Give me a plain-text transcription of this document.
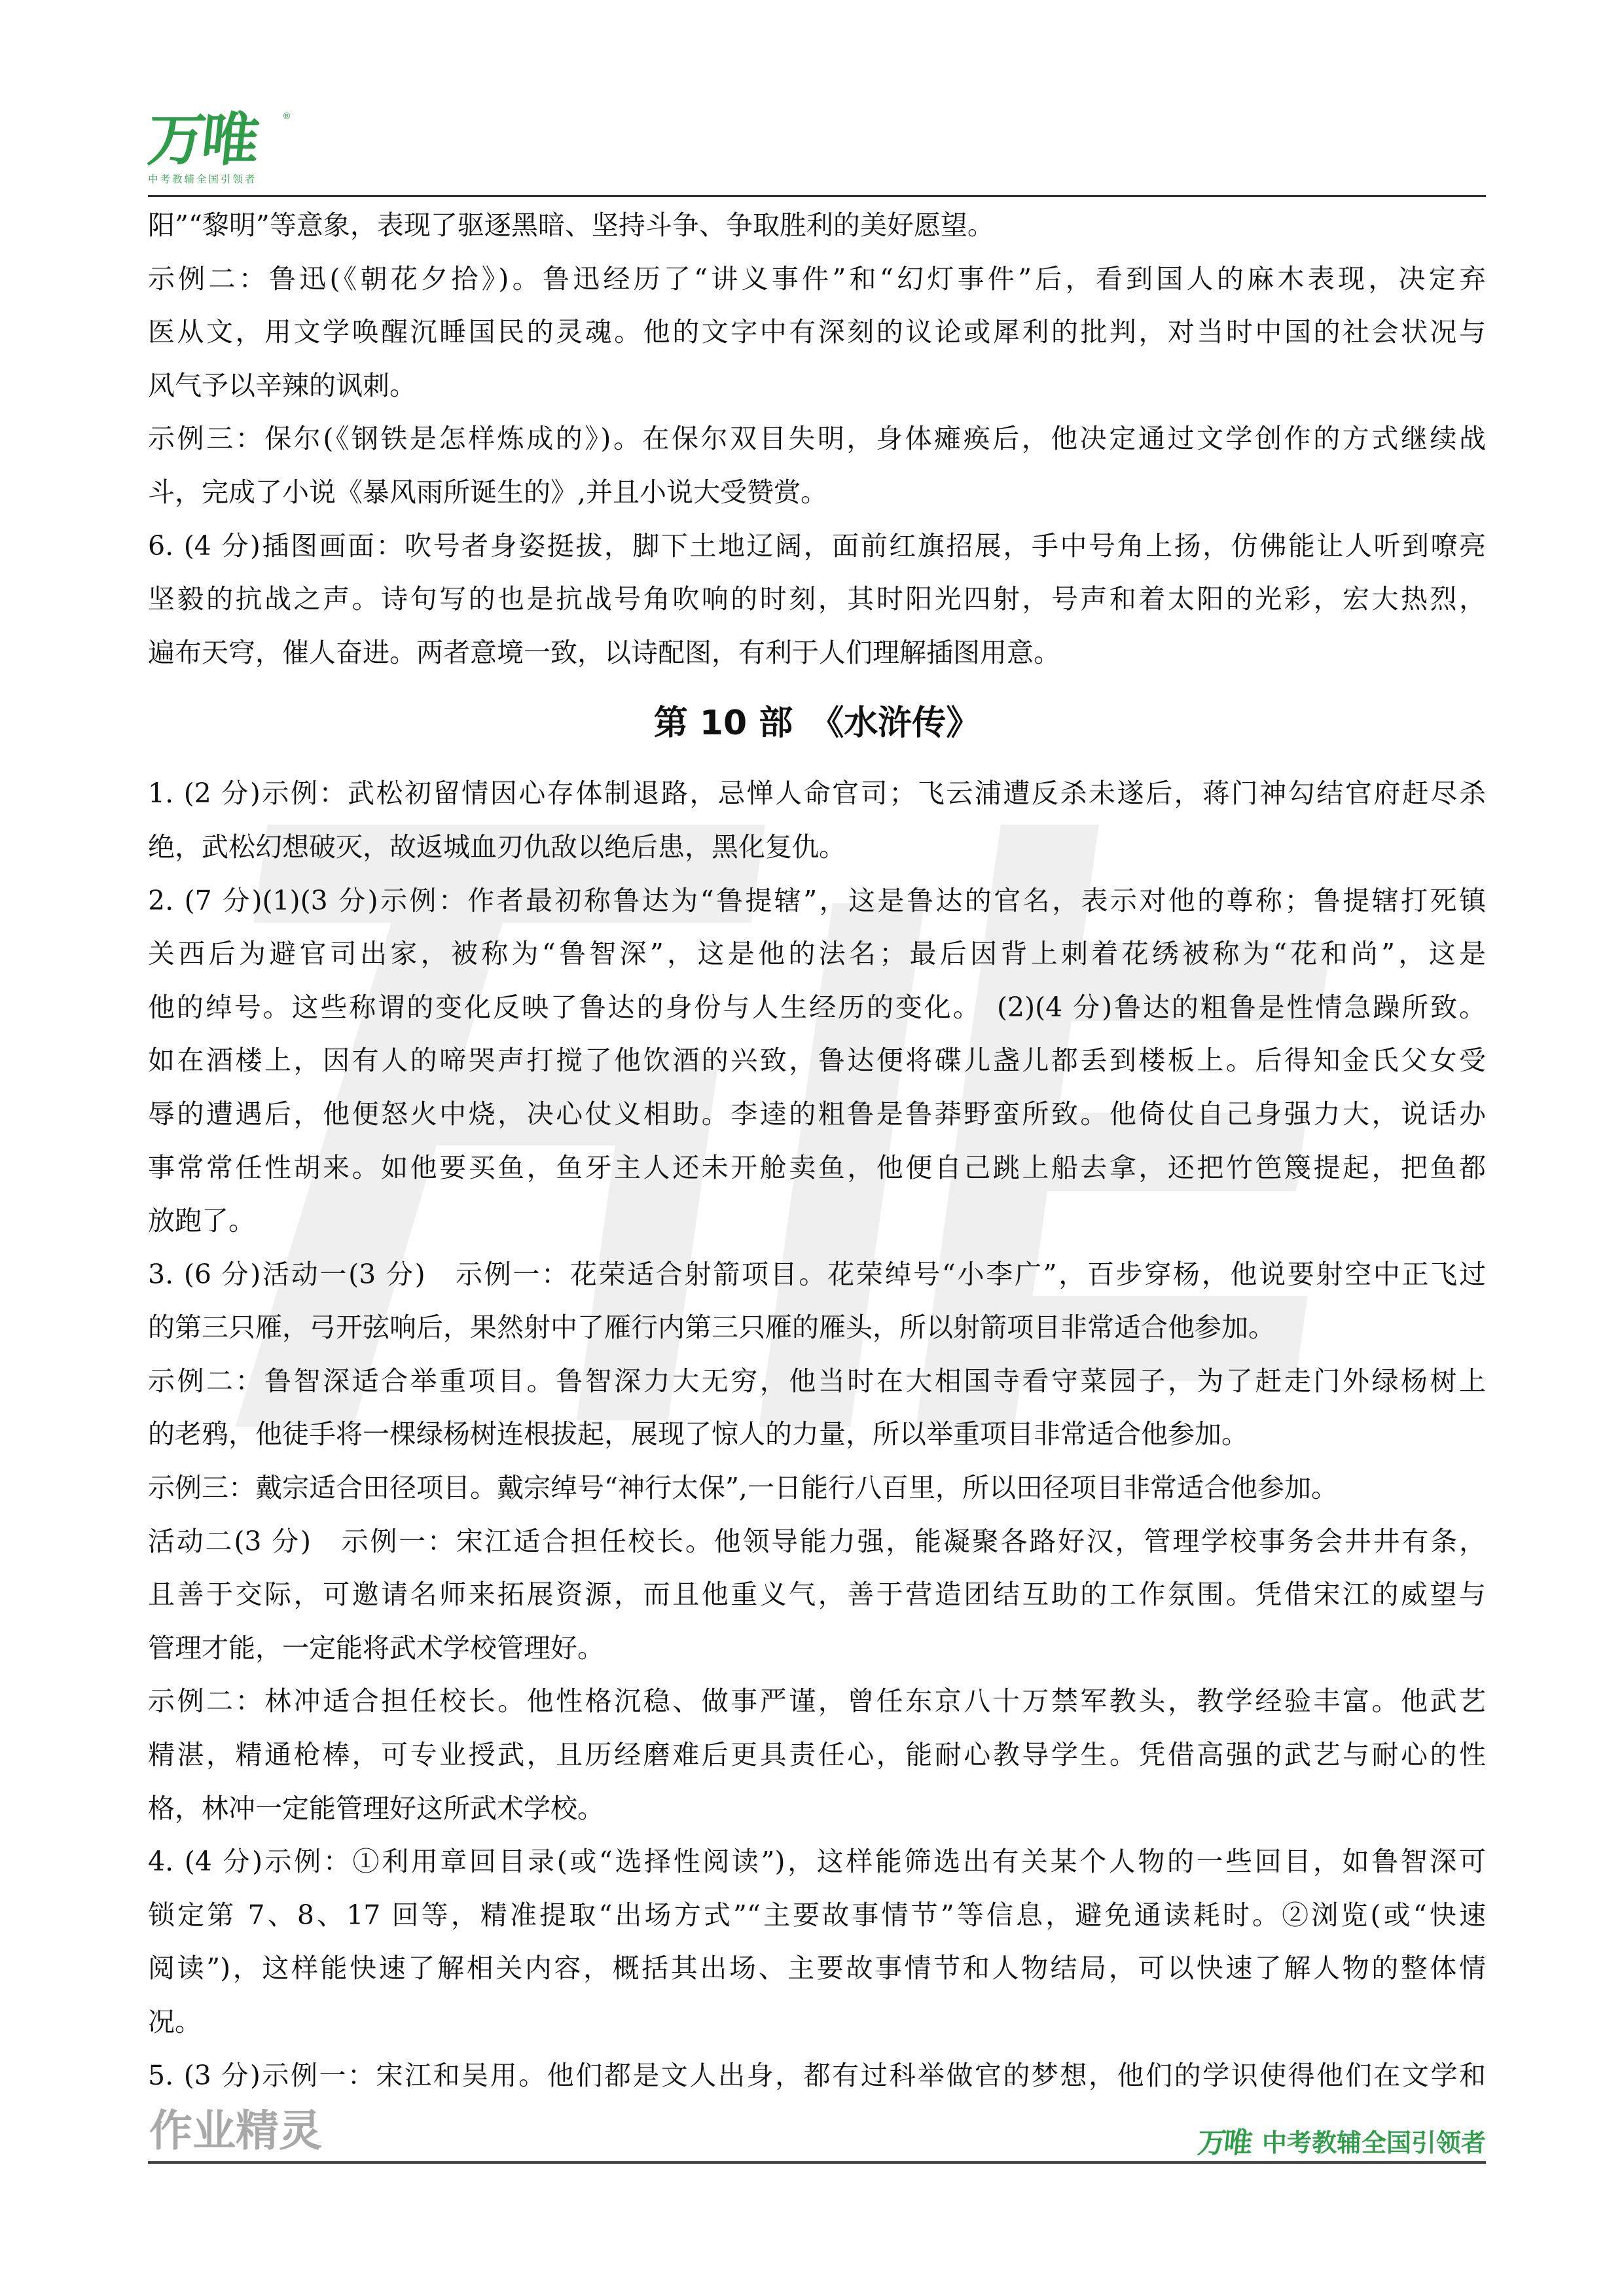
万唯	®
中考教辅全国引领者
阳”“黎明”等意象，表现了驱逐黑暗、坚持斗争、争取胜利的美好愿望。
示例二：鲁迅(《朝花夕拾》)。鲁迅经历了“讲义事件”和“幻灯事件”后，看到国人的麻木表现，决定弃
医从文，用文学唤醒沉睡国民的灵魂。他的文字中有深刻的议论或犀利的批判，对当时中国的社会状况与
风气予以辛辣的讽刺。
示例三：保尔(《钢铁是怎样炼成的》)。在保尔双目失明，身体瘫痪后，他决定通过文学创作的方式继续战
斗，完成了小说《暴风雨所诞生的》,并且小说大受赞赏。
6. (4 分)插图画面：吹号者身姿挺拔，脚下土地辽阔，面前红旗招展，手中号角上扬，仿佛能让人听到嘹亮
坚毅的抗战之声。诗句写的也是抗战号角吹响的时刻，其时阳光四射，号声和着太阳的光彩，宏大热烈，
遍布天穹，催人奋进。两者意境一致，以诗配图，有利于人们理解插图用意。
第 10 部　《水浒传》
1. (2 分)示例：武松初留情因心存体制退路，忌惮人命官司；飞云浦遭反杀未遂后，蒋门神勾结官府赶尽杀
绝，武松幻想破灭，故返城血刃仇敌以绝后患，黑化复仇。
2. (7 分)(1)(3 分)示例：作者最初称鲁达为“鲁提辖”，这是鲁达的官名，表示对他的尊称；鲁提辖打死镇
关西后为避官司出家，被称为“鲁智深”，这是他的法名；最后因背上刺着花绣被称为“花和尚”，这是
他的绰号。这些称谓的变化反映了鲁达的身份与人生经历的变化。　(2)(4 分)鲁达的粗鲁是性情急躁所致。
如在酒楼上，因有人的啼哭声打搅了他饮酒的兴致，鲁达便将碟儿盏儿都丢到楼板上。后得知金氏父女受
辱的遭遇后，他便怒火中烧，决心仗义相助。李逵的粗鲁是鲁莽野蛮所致。他倚仗自己身强力大，说话办
事常常任性胡来。如他要买鱼，鱼牙主人还未开舱卖鱼，他便自己跳上船去拿，还把竹笆篾提起，把鱼都
放跑了。
3. (6 分)活动一(3 分)　示例一：花荣适合射箭项目。花荣绰号“小李广”，百步穿杨，他说要射空中正飞过
的第三只雁，弓开弦响后，果然射中了雁行内第三只雁的雁头，所以射箭项目非常适合他参加。
示例二：鲁智深适合举重项目。鲁智深力大无穷，他当时在大相国寺看守菜园子，为了赶走门外绿杨树上
的老鸦，他徒手将一棵绿杨树连根拔起，展现了惊人的力量，所以举重项目非常适合他参加。
示例三：戴宗适合田径项目。戴宗绰号“神行太保”,一日能行八百里，所以田径项目非常适合他参加。
活动二(3 分)　示例一：宋江适合担任校长。他领导能力强，能凝聚各路好汉，管理学校事务会井井有条，
且善于交际，可邀请名师来拓展资源，而且他重义气，善于营造团结互助的工作氛围。凭借宋江的威望与
管理才能，一定能将武术学校管理好。
示例二：林冲适合担任校长。他性格沉稳、做事严谨，曾任东京八十万禁军教头，教学经验丰富。他武艺
精湛，精通枪棒，可专业授武，且历经磨难后更具责任心，能耐心教导学生。凭借高强的武艺与耐心的性
格，林冲一定能管理好这所武术学校。
4. (4 分)示例：①利用章回目录(或“选择性阅读”)，这样能筛选出有关某个人物的一些回目，如鲁智深可
锁定第 7、8、17 回等，精准提取“出场方式”“主要故事情节”等信息，避免通读耗时。②浏览(或“快速
阅读”)，这样能快速了解相关内容，概括其出场、主要故事情节和人物结局，可以快速了解人物的整体情
况。
5. (3 分)示例一：宋江和吴用。他们都是文人出身，都有过科举做官的梦想，他们的学识使得他们在文学和
作业精灵	万唯 中考教辅全国引领者
